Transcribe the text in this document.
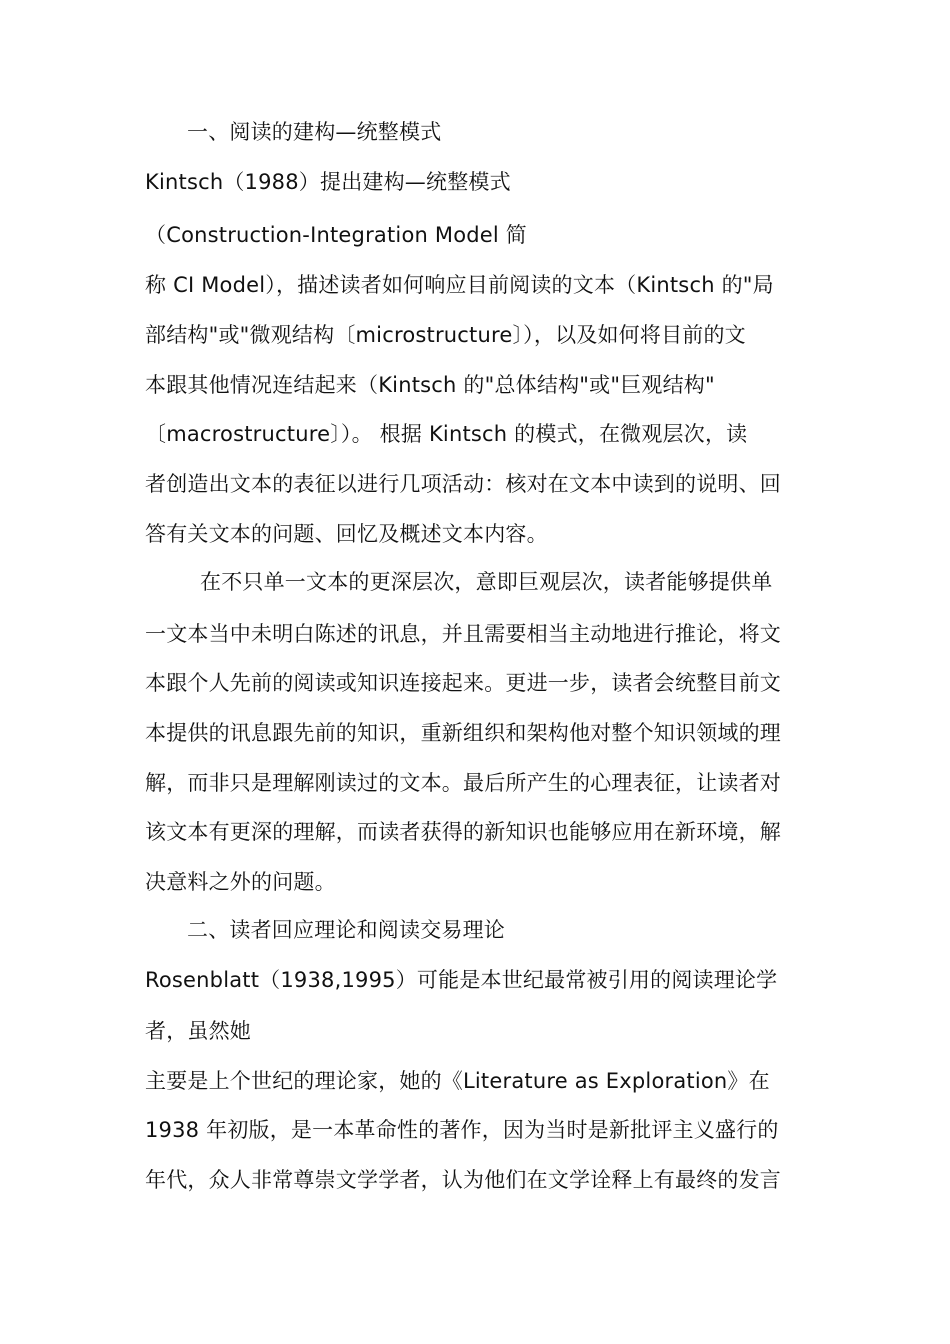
一、阅读的建构—统整模式
Kintsch（1988）提出建构—统整模式
（Construction-Integration Model 简
称 CI Model），描述读者如何响应目前阅读的文本（Kintsch 的"局
部结构"或"微观结构〔microstructure〕），以及如何将目前的文
本跟其他情况连结起来（Kintsch 的"总体结构"或"巨观结构"
〔macrostructure〕）。 根据 Kintsch 的模式，在微观层次，读
者创造出文本的表征以进行几项活动：核对在文本中读到的说明、回
答有关文本的问题、回忆及概述文本内容。
在不只单一文本的更深层次，意即巨观层次，读者能够提供单
一文本当中未明白陈述的讯息，并且需要相当主动地进行推论，将文
本跟个人先前的阅读或知识连接起来。更进一步，读者会统整目前文
本提供的讯息跟先前的知识，重新组织和架构他对整个知识领域的理
解，而非只是理解刚读过的文本。最后所产生的心理表征，让读者对
该文本有更深的理解，而读者获得的新知识也能够应用在新环境，解
决意料之外的问题。
二、读者回应理论和阅读交易理论
Rosenblatt（1938,1995）可能是本世纪最常被引用的阅读理论学
者，虽然她
主要是上个世纪的理论家，她的《Literature as Exploration》在
1938 年初版，是一本革命性的著作，因为当时是新批评主义盛行的
年代，众人非常尊崇文学学者，认为他们在文学诠释上有最终的发言
